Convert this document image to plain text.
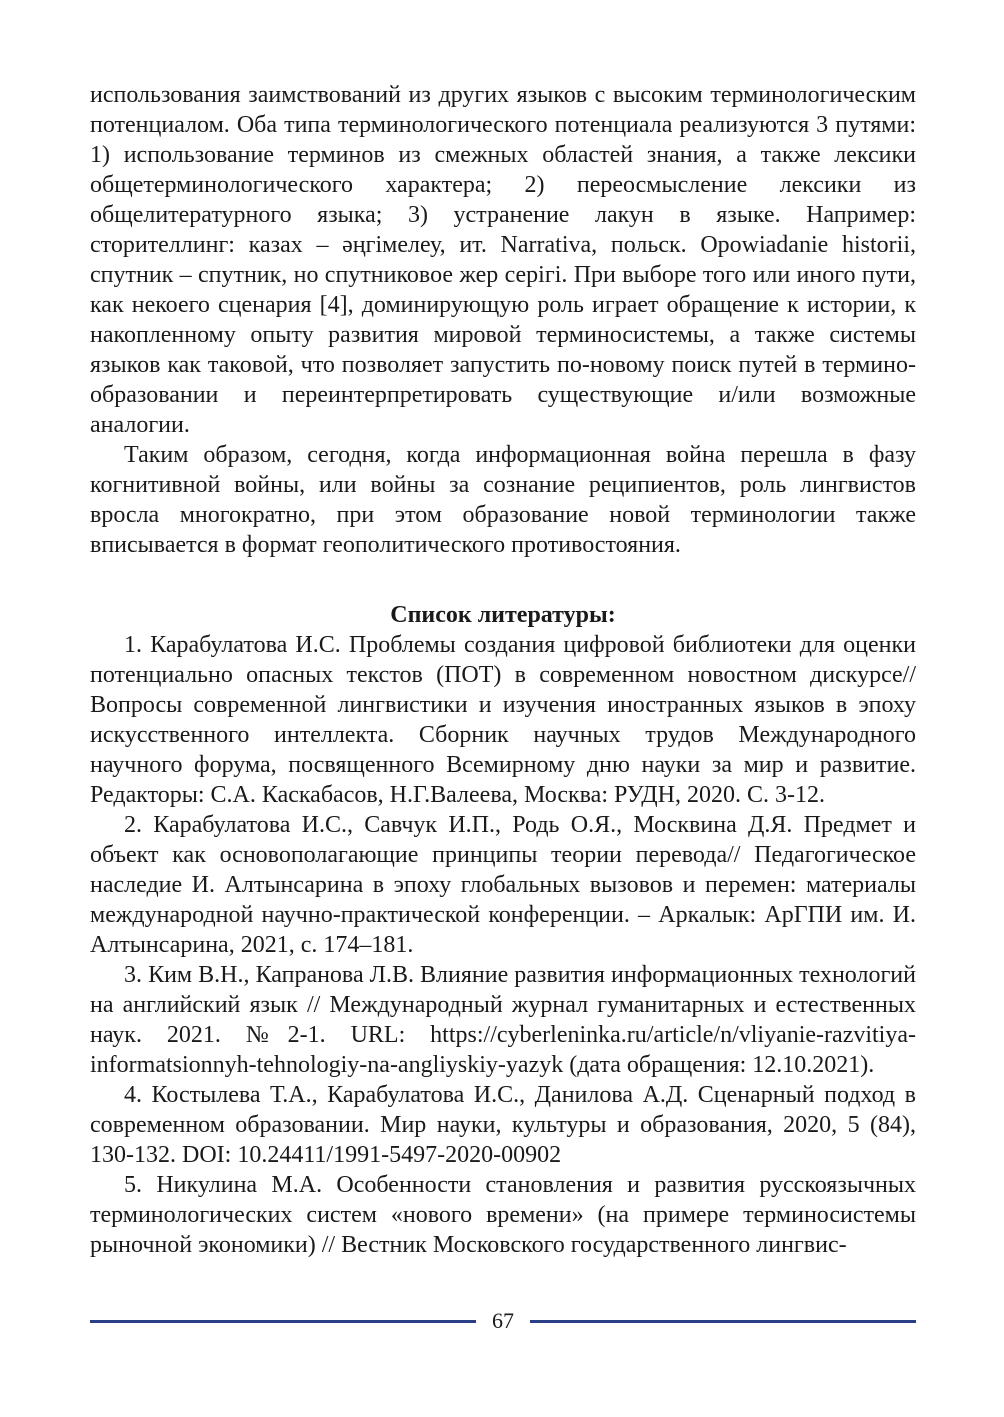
использования заимствований из других языков с высоким терминологическим потенциалом. Оба типа терминологического потенциала реализуются 3 путями: 1) использование терминов из смежных областей знания, а также лексики общетерминологического характера; 2) переосмысление лексики из общелитературного языка; 3) устранение лакун в языке. Например: сторителлинг: казах – әңгімелеу, ит. Narrativa, польск. Opowiadanie historii, спутник – спутник, но спутниковое жер серігі. При выборе того или иного пути, как некоего сценария [4], доминирующую роль играет обращение к истории, к накопленному опыту развития мировой терминосистемы, а также системы языков как таковой, что позволяет запустить по-новому поиск путей в терминообразовании и переинтерпретировать существующие и/или возможные аналогии.

Таким образом, сегодня, когда информационная война перешла в фазу когнитивной войны, или войны за сознание реципиентов, роль лингвистов вросла многократно, при этом образование новой терминологии также вписывается в формат геополитического противостояния.

Список литературы:

1. Карабулатова И.С. Проблемы создания цифровой библиотеки для оценки потенциально опасных текстов (ПОТ) в современном новостном дискурсе// Вопросы современной лингвистики и изучения иностранных языков в эпоху искусственного интеллекта. Сборник научных трудов Международного научного форума, посвященного Всемирному дню науки за мир и развитие. Редакторы: С.А. Каскабасов, Н.Г.Валеева, Москва: РУДН, 2020. С. 3-12.

2. Карабулатова И.С., Савчук И.П., Родь О.Я., Москвина Д.Я. Предмет и объект как основополагающие принципы теории перевода// Педагогическое наследие И. Алтынсарина в эпоху глобальных вызовов и перемен: материалы международной научно-практической конференции. – Аркалык: АрГПИ им. И. Алтынсарина, 2021, с. 174–181.

3. Ким В.Н., Капранова Л.В. Влияние развития информационных технологий на английский язык // Международный журнал гуманитарных и естественных наук. 2021. №2-1. URL: https://cyberleninka.ru/article/n/vliyanie-razvitiya-informatsionnyh-tehnologiy-na-angliyskiy-yazyk (дата обращения: 12.10.2021).

4. Костылева Т.А., Карабулатова И.С., Данилова А.Д. Сценарный подход в современном образовании. Мир науки, культуры и образования, 2020, 5 (84), 130-132. DOI: 10.24411/1991-5497-2020-00902

5. Никулина М.А. Особенности становления и развития русскоязычных терминологических систем «нового времени» (на примере терминосистемы рыночной экономики) // Вестник Московского государственного лингвис-

67
